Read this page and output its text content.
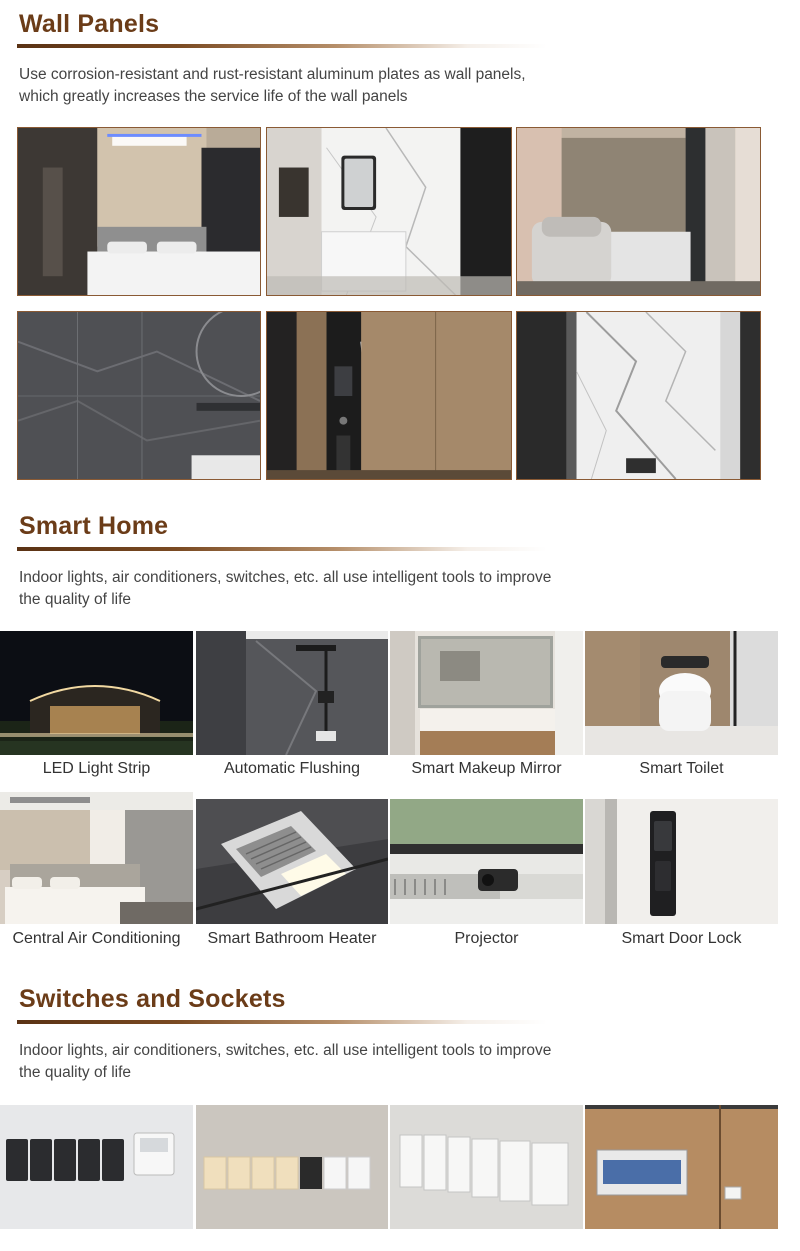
Wall Panels

Use corrosion-resistant and rust-resistant aluminum plates as wall panels,
which greatly increases the service life of the wall panels

Smart Home

Indoor lights, air conditioners, switches, etc. all use intelligent tools to improve
the quality of life

LED Light Strip	Automatic Flushing	Smart Makeup Mirror	Smart Toilet
Central Air Conditioning	Smart Bathroom Heater	Projector	Smart Door Lock
Switches and Sockets

Indoor lights, air conditioners, switches, etc. all use intelligent tools to improve
the quality of life
